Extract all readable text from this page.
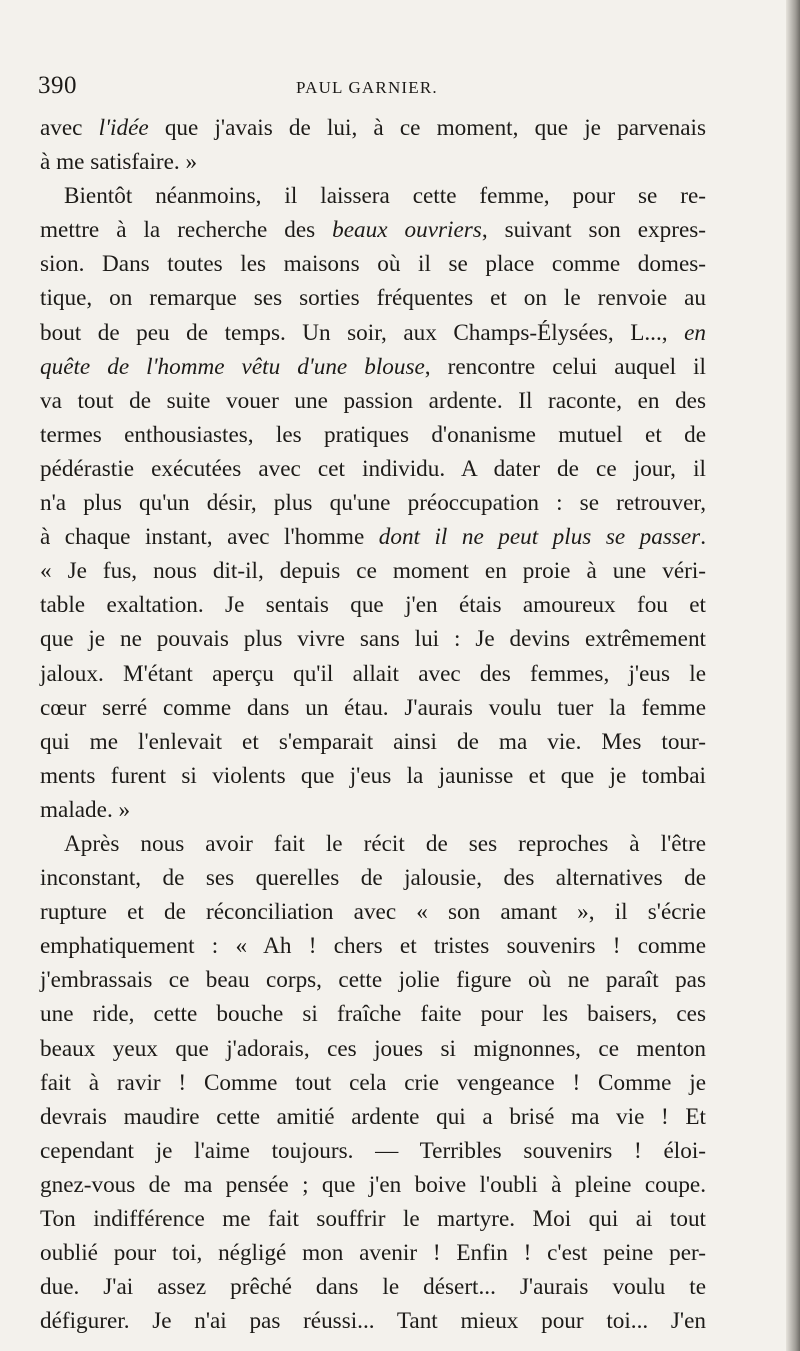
390	PAUL GARNIER.
avec l'idée que j'avais de lui, à ce moment, que je parvenais
à me satisfaire. »
Bientôt néanmoins, il laissera cette femme, pour se re-
mettre à la recherche des beaux ouvriers, suivant son expres-
sion. Dans toutes les maisons où il se place comme domes-
tique, on remarque ses sorties fréquentes et on le renvoie au
bout de peu de temps. Un soir, aux Champs-Élysées, L..., en
quête de l'homme vêtu d'une blouse, rencontre celui auquel il
va tout de suite vouer une passion ardente. Il raconte, en des
termes enthousiastes, les pratiques d'onanisme mutuel et de
pédérastie exécutées avec cet individu. A dater de ce jour, il
n'a plus qu'un désir, plus qu'une préoccupation : se retrouver,
à chaque instant, avec l'homme dont il ne peut plus se passer.
« Je fus, nous dit-il, depuis ce moment en proie à une véri-
table exaltation. Je sentais que j'en étais amoureux fou et
que je ne pouvais plus vivre sans lui : Je devins extrêmement
jaloux. M'étant aperçu qu'il allait avec des femmes, j'eus le
cœur serré comme dans un étau. J'aurais voulu tuer la femme
qui me l'enlevait et s'emparait ainsi de ma vie. Mes tour-
ments furent si violents que j'eus la jaunisse et que je tombai
malade. »
Après nous avoir fait le récit de ses reproches à l'être
inconstant, de ses querelles de jalousie, des alternatives de
rupture et de réconciliation avec « son amant », il s'écrie
emphatiquement : « Ah ! chers et tristes souvenirs ! comme
j'embrassais ce beau corps, cette jolie figure où ne paraît pas
une ride, cette bouche si fraîche faite pour les baisers, ces
beaux yeux que j'adorais, ces joues si mignonnes, ce menton
fait à ravir ! Comme tout cela crie vengeance ! Comme je
devrais maudire cette amitié ardente qui a brisé ma vie ! Et
cependant je l'aime toujours. — Terribles souvenirs ! éloi-
gnez-vous de ma pensée ; que j'en boive l'oubli à pleine coupe.
Ton indifférence me fait souffrir le martyre. Moi qui ai tout
oublié pour toi, négligé mon avenir ! Enfin ! c'est peine per-
due. J'ai assez prêché dans le désert... J'aurais voulu te
défigurer. Je n'ai pas réussi... Tant mieux pour toi... J'en
